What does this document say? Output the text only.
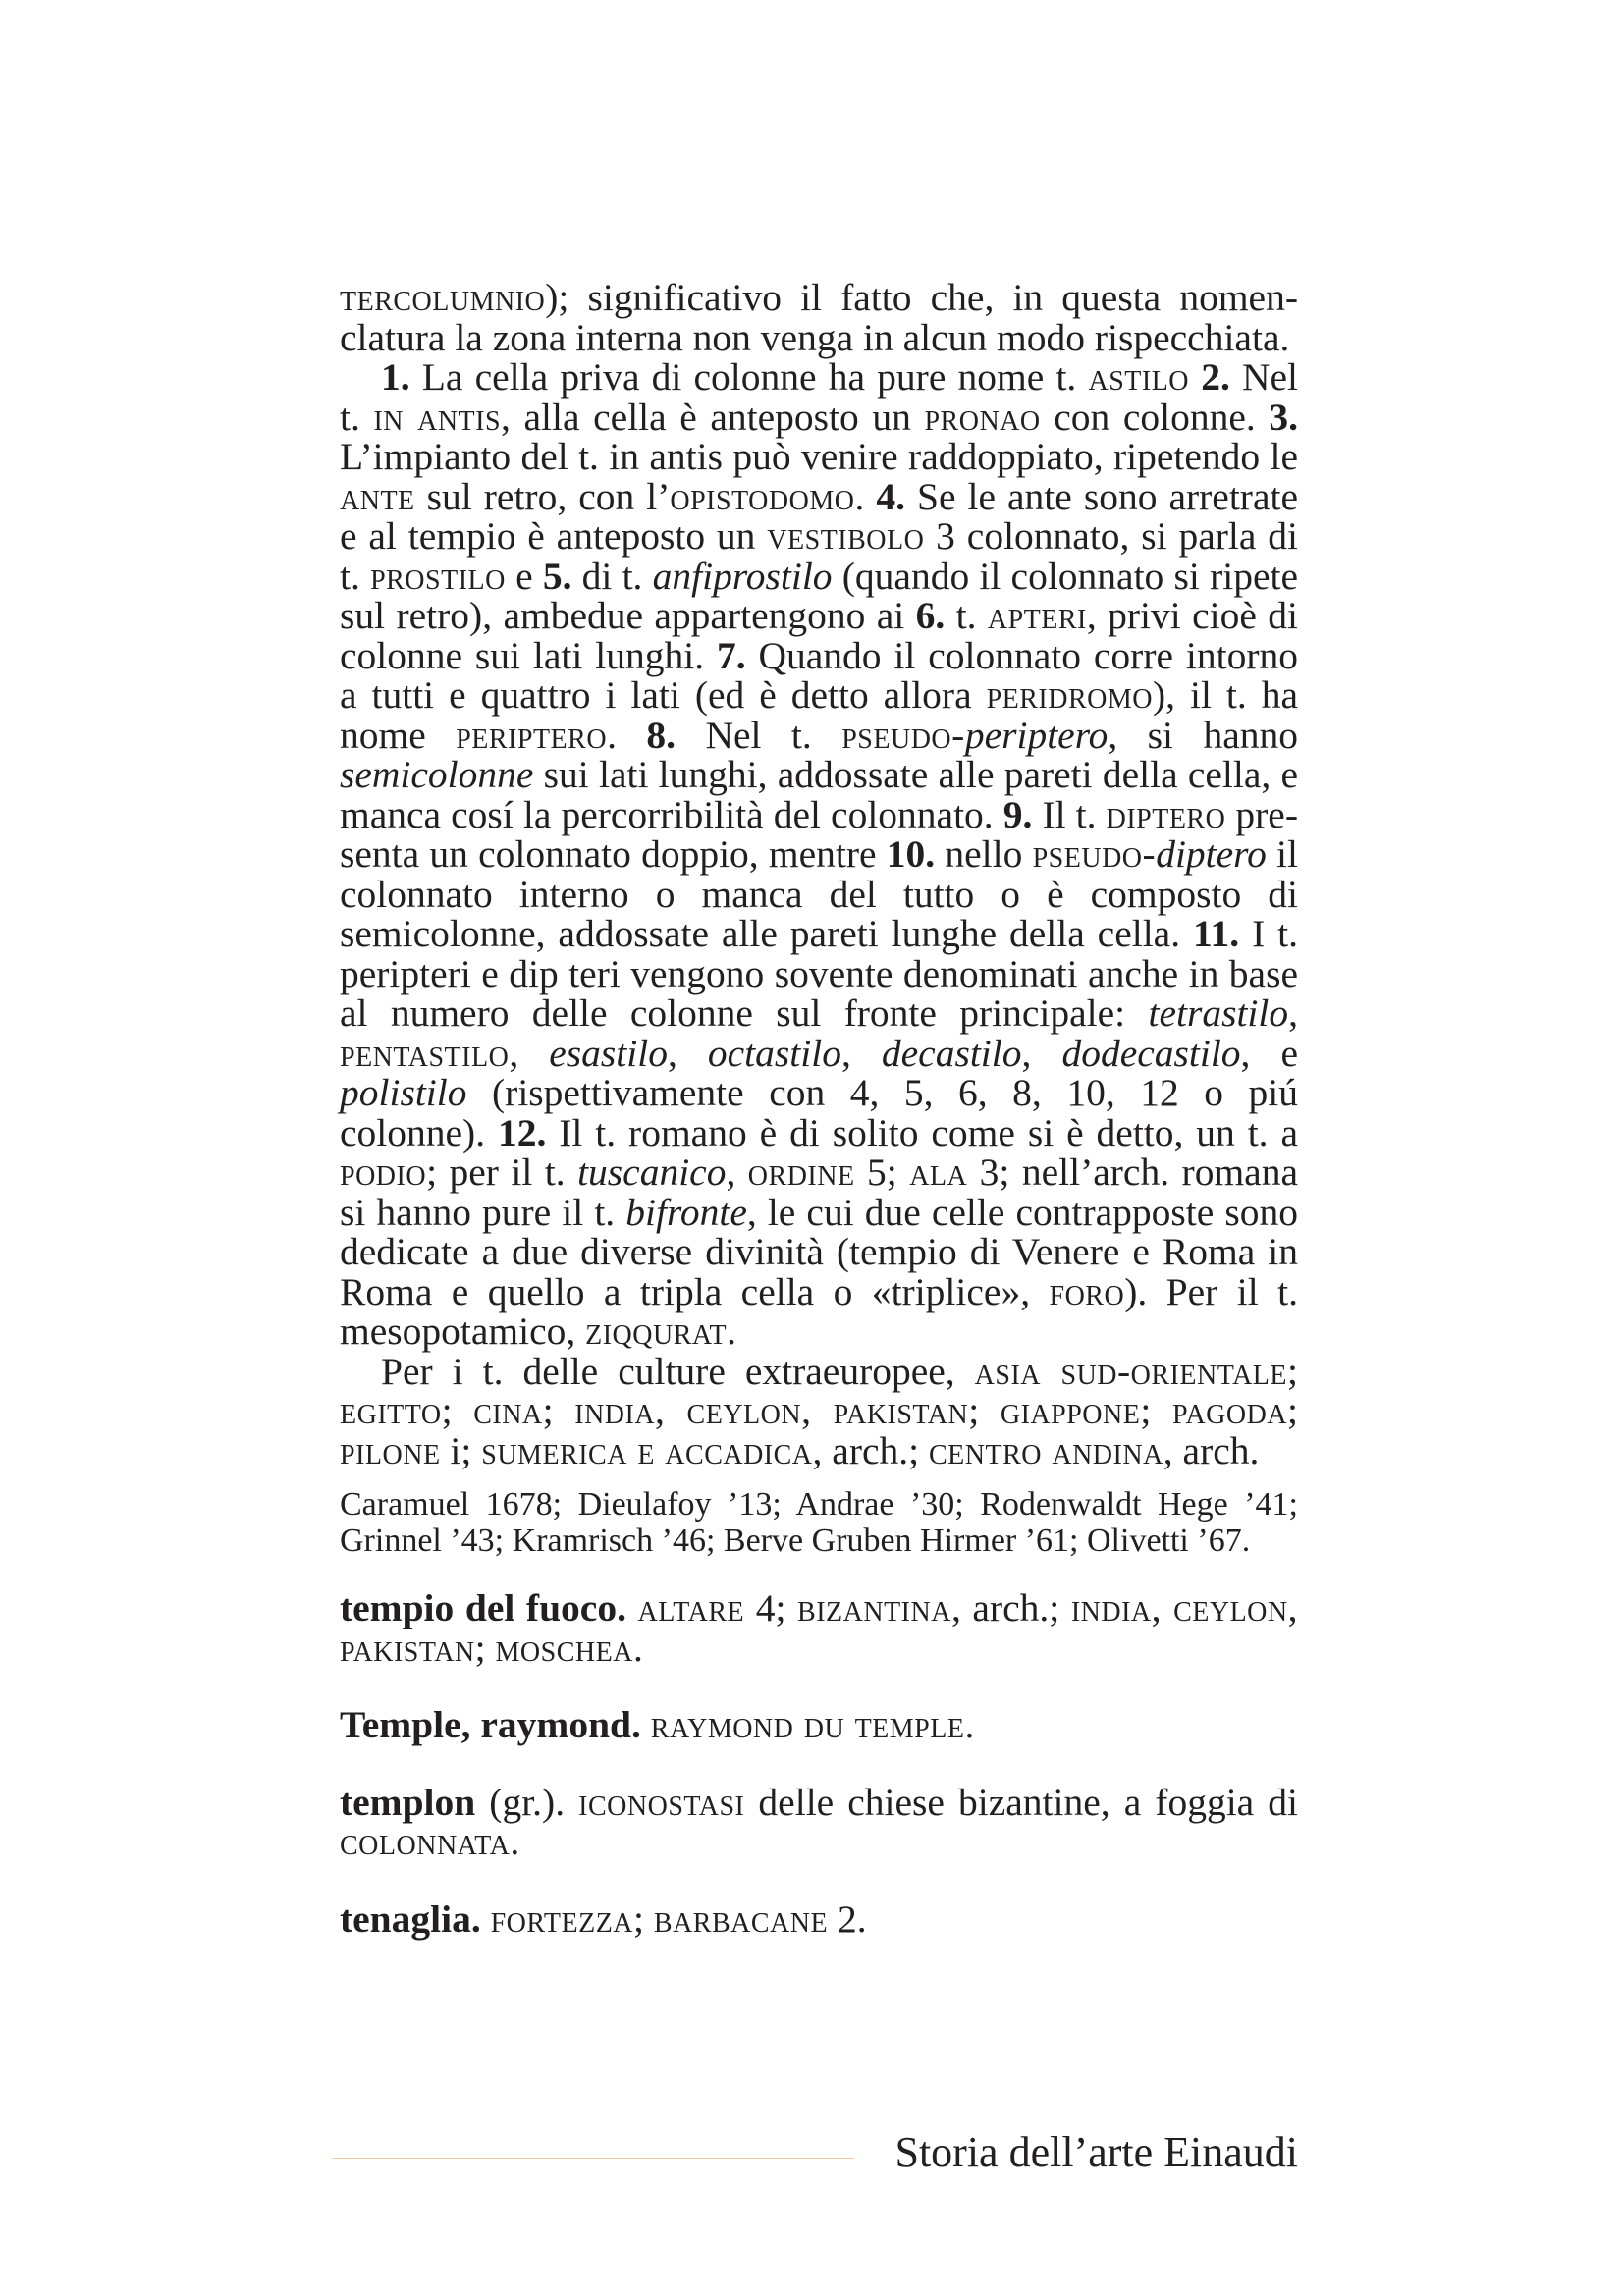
tercolumnio); significativo il fatto che, in questa nomenclatura la zona interna non venga in alcun modo rispecchiata.

1. La cella priva di colonne ha pure nome t. astilo 2. Nel t. in antis, alla cella è anteposto un pronao con colonne. 3. L’impianto del t. in antis può venire raddoppiato, ripetendo le ante sul retro, con l’opistodomo. 4. Se le ante sono arretrate e al tempio è anteposto un vestibolo 3 colonnato, si parla di t. prostilo e 5. di t. anfiprostilo (quando il colonnato si ripete sul retro), ambedue appartengono ai 6. t. apteri, privi cioè di colonne sui lati lunghi. 7. Quando il colonnato corre intorno a tutti e quattro i lati (ed è detto allora peridromo), il t. ha nome periptero. 8. Nel t. pseudo-periptero, si hanno semicolonne sui lati lunghi, addossate alle pareti della cella, e manca cosí la percorribilità del colonnato. 9. Il t. diptero presenta un colonnato doppio, mentre 10. nello pseudo-diptero il colonnato interno o manca del tutto o è composto di semicolonne, addossate alle pareti lunghe della cella. 11. I t. peripteri e dip teri vengono sovente denominati anche in base al numero delle colonne sul fronte principale: tetrastilo, pentastilo, esastilo, octastilo, decastilo, dodecastilo, e polistilo (rispettivamente con 4, 5, 6, 8, 10, 12 o piú colonne). 12. Il t. romano è di solito come si è detto, un t. a podio; per il t. tuscanico, ordine 5; ala 3; nell’arch. romana si hanno pure il t. bifronte, le cui due celle contrapposte sono dedicate a due diverse divinità (tempio di Venere e Roma in Roma e quello a tripla cella o «triplice», foro). Per il t. mesopotamico, ziqqurat.

Per i t. delle culture extraeuropee, asia sud-orientale; egitto; cina; india, ceylon, pakistan; giappone; pagoda; pilone i; sumerica e accadica, arch.; centro andina, arch.

Caramuel 1678; Dieulafoy ’13; Andrae ’30; Rodenwaldt Hege ’41; Grinnel ’43; Kramrisch ’46; Berve Gruben Hirmer ’61; Olivetti ’67.

tempio del fuoco. altare 4; bizantina, arch.; india, ceylon, pakistan; moschea.

Temple, raymond. raymond du temple.

templon (gr.). iconostasi delle chiese bizantine, a foggia di colonnata.

tenaglia. fortezza; barbacane 2.

Storia dell’arte Einaudi
